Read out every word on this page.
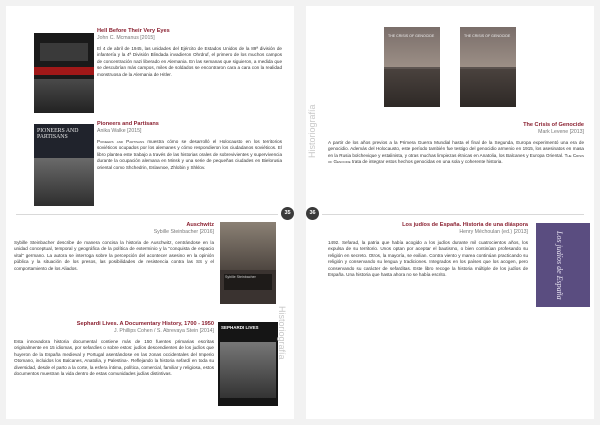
Hell Before Their Very Eyes
John C. Mcmanus [2015]
El 4 de abril de 1945, las unidades del Ejército de Estados Unidos de la 89ª división de infantería y la 4ª División Blindada invadieron Ohrdruf, el primero de los muchos campos de concentración nazi liberado en Alemania. En las semanas que siguieron, a medida que se descubrían más campos, miles de soldados se encontraron cara a cara con la realidad monstruosa de la Alemania de Hitler.
PIONEERS AND PARTISANS
Pioneers and Partisans
Anika Walke [2015]
Pioneers and Partisans muestra cómo se desarrolló el Holocausto en los territorios soviéticos ocupados por los alemanes y cómo respondieron los ciudadanos soviéticos. El libro plantea este trabajo a través de las historias orales de sobrevivientes y supervivencia durante la ocupación alemana en Minsk y una serie de pequeñas ciudades en Bielorusia oriental como Shchedrin, Eslavnoe, Zhlobin y Shklov.
35
Auschwitz
Sybille Steinbacher [2016]
Sybille Steinbacher describe de manera concisa la historia de Auschwitz, centrándose en la unidad conceptual, temporal y geográfica de la política de exterminio y la "conquista de espacio vital" germano. La autora se interroga sobre la percepción del acontecer asesino en la opinión pública y la situación de los presos, las posibilidades de resistencia contra las SS y el comportamiento de los Aliados.
Sybille Steinbacher
Sephardi Lives. A Documentary History, 1700 - 1950
J. Phillips Cohen / S. Abrevaya Stein [2014]
Esta innovadora historia documental contiene más de 150 fuentes primarias escritas originalmente en 15 idiomas, por sefardíes o sobre estos: judíos descendientes de los judíos que huyeron de la España medieval y Portugal asentándose en las zonas occidentales del Imperio Otomano, incluidos los Balcanes, Anatolia, y Palestina-. Reflejando la historia sefardí en toda su diversidad, desde el parto a la corte, la esfera íntima, política, comercial, familiar y religiosa, estos documentos muestran la vida dentro de estas comunidades judías distintivas.
SEPHARDI LIVES	Historiografía
Historiografía
THE CRISIS OF GENOCIDE	THE CRISIS OF GENOCIDE
The Crisis of Genocide
Mark Levene [2013]
A partir de los años previos a la Primera Guerra Mundial hasta el final de la Segunda, Europa experimentó una era de genocidio. Además del Holocausto, este período también fue testigo del genocidio armenio en 1915, los asesinatos en masa en la Rusia bolchevique y estalinista, y otras muchas limpiezas étnicas en Anatolia, los Balcanes y Europa Oriental. The Crisis of Genocide trata de integrar estos hechos genocidas en una sola y coherente historia.
36
Los judíos de España. Historia de una diáspora
Henry Méchoulan (ed.) [2013]
1492. Sefarad, la patria que había acogido a los judíos durante mil cuatrocientos años, los expulsa de su territorio. Unos optan por aceptar el bautismo, o bien continúan profesando su religión en secreto. Otros, la mayoría, se exilian. Contra viento y marea continúan practicando su religión y conservando su lengua y tradiciones. Integrados en los países que los acogen, pero conservando su carácter de sefarditas. Este libro recoge la historia múltiple de los judíos de España. Una historia que hasta ahora no se había escrito.	Los judíos de España
